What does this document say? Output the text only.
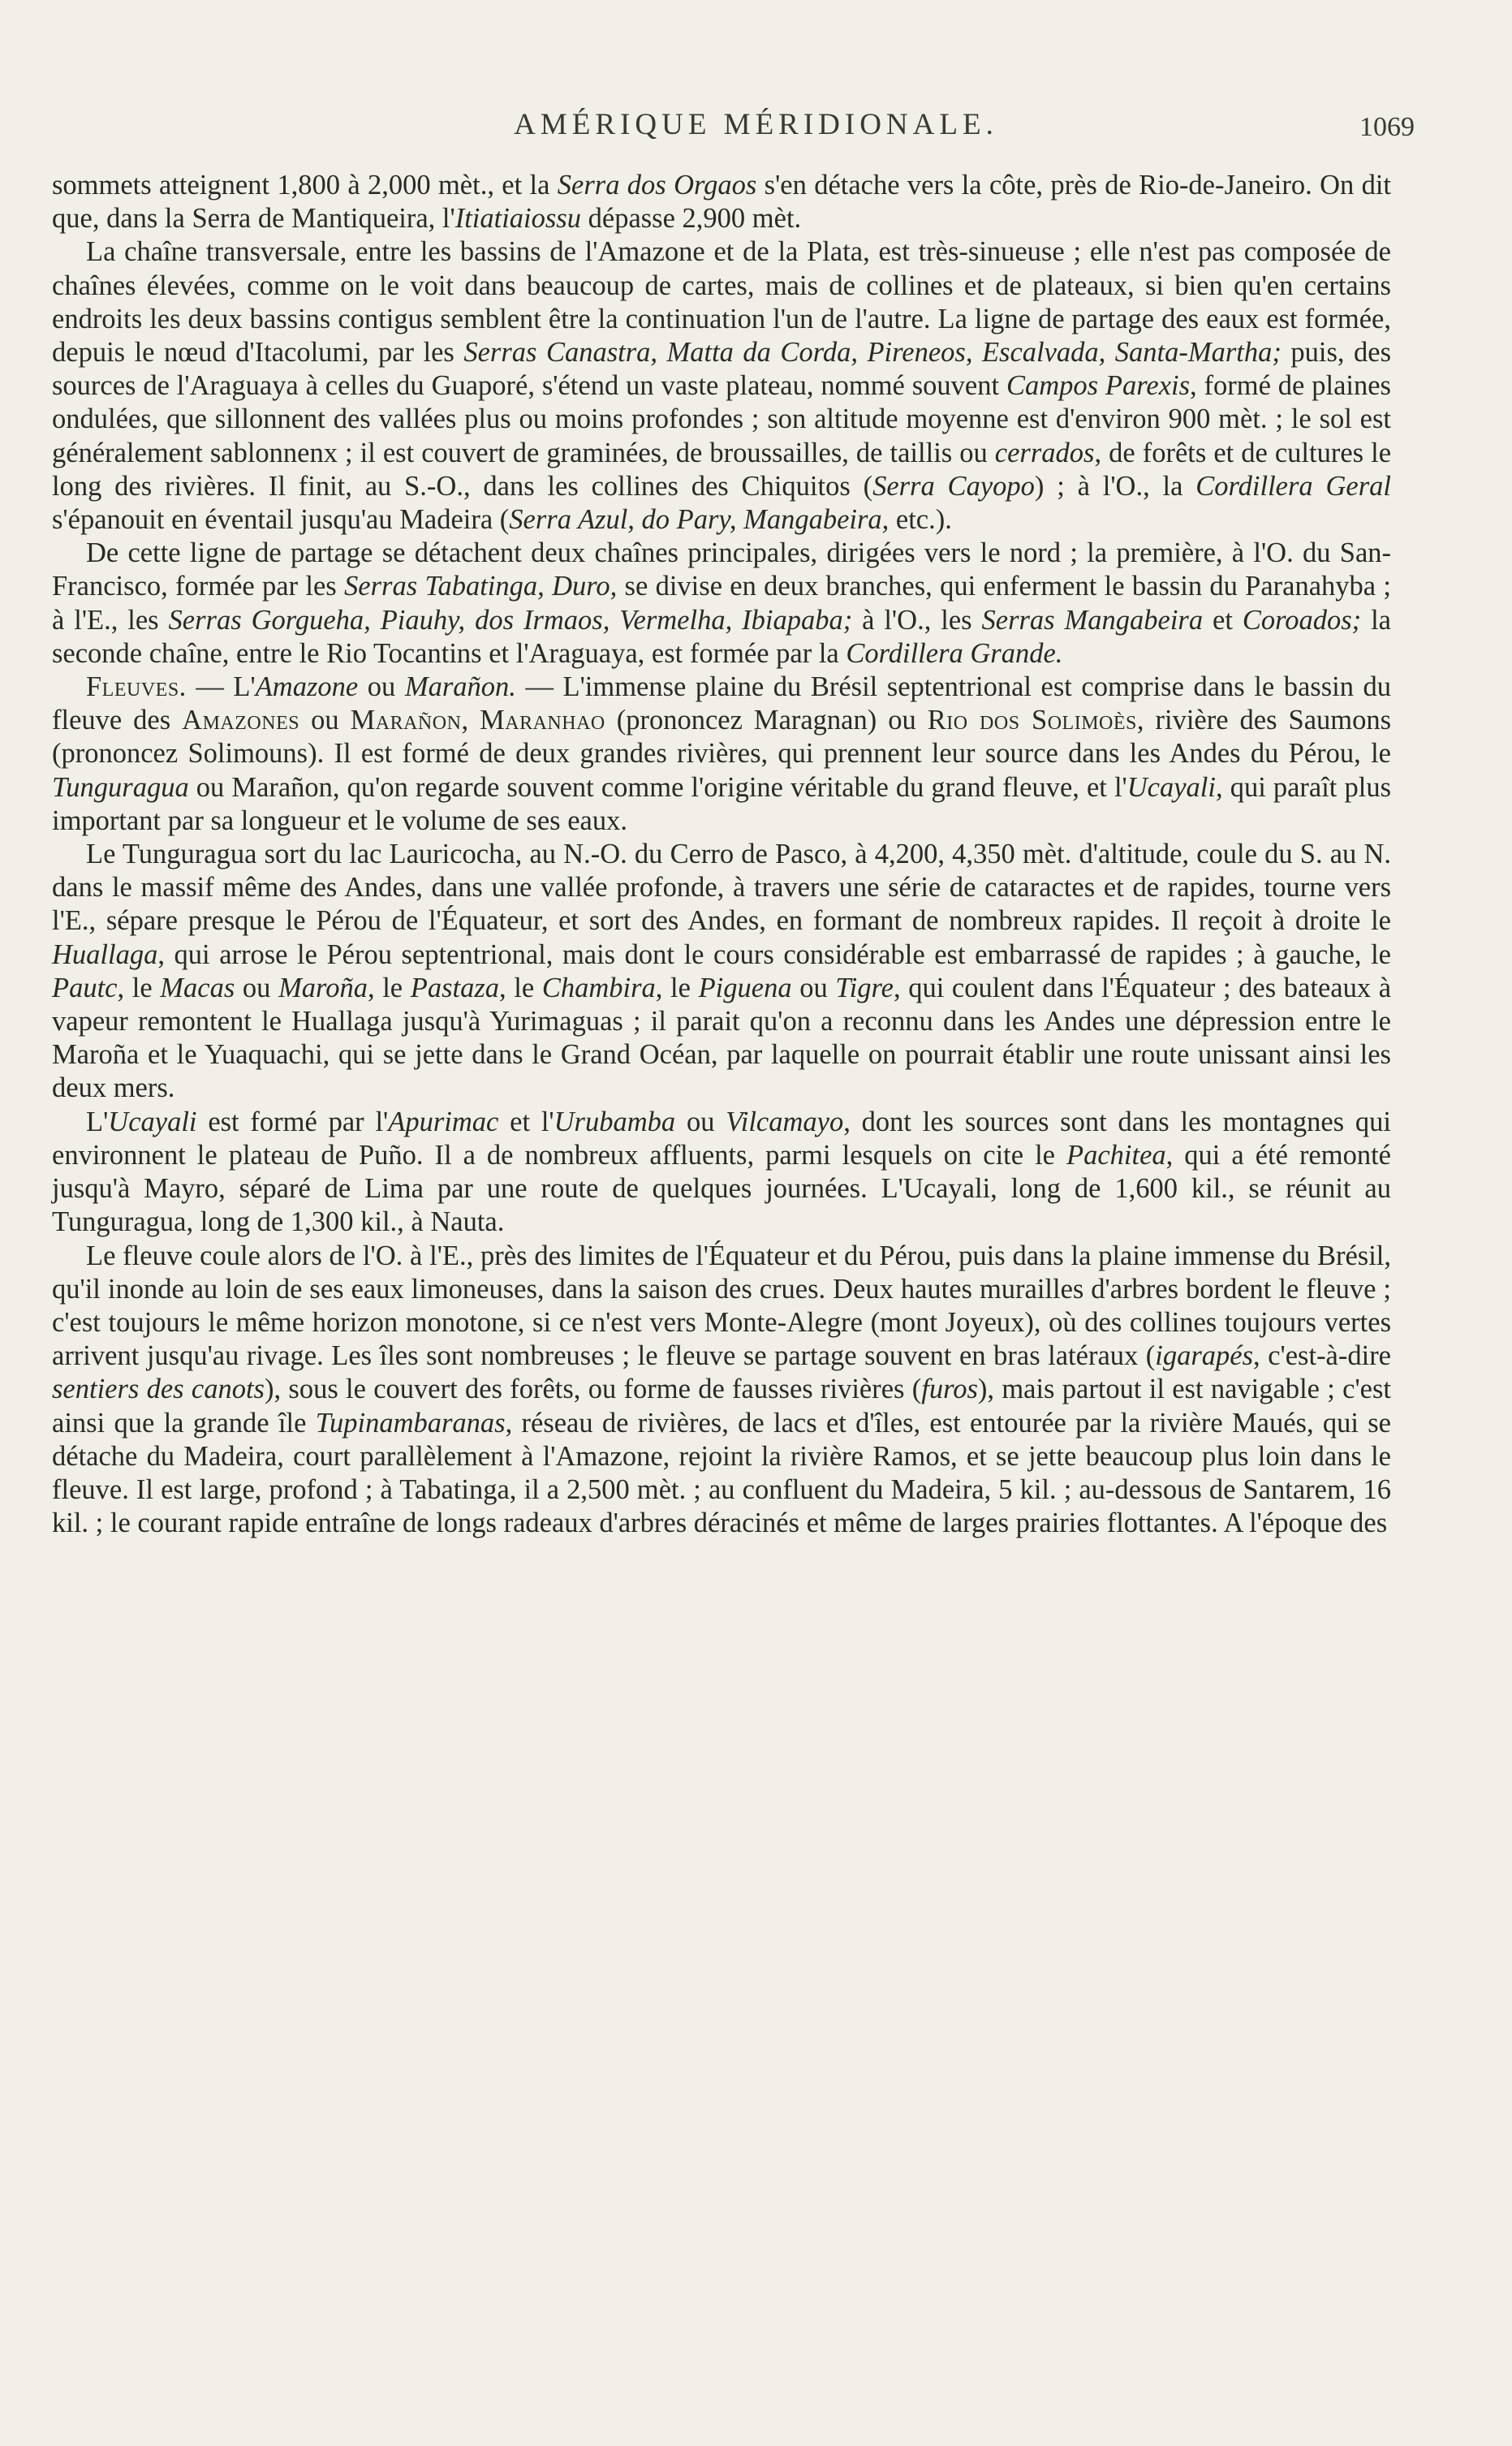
AMÉRIQUE MÉRIDIONALE.	1069

sommets atteignent 1,800 à 2,000 mèt., et la Serra dos Orgaos s'en détache vers la côte, près de Rio-de-Janeiro. On dit que, dans la Serra de Mantiqueira, l'Itiatiaiossu dépasse 2,900 mèt.

La chaîne transversale, entre les bassins de l'Amazone et de la Plata, est très-sinueuse ; elle n'est pas composée de chaînes élevées, comme on le voit dans beaucoup de cartes, mais de collines et de plateaux, si bien qu'en certains endroits les deux bassins contigus semblent être la continuation l'un de l'autre. La ligne de partage des eaux est formée, depuis le nœud d'Itacolumi, par les Serras Canastra, Matta da Corda, Pireneos, Escalvada, Santa-Martha; puis, des sources de l'Araguaya à celles du Guaporé, s'étend un vaste plateau, nommé souvent Campos Parexis, formé de plaines ondulées, que sillonnent des vallées plus ou moins profondes ; son altitude moyenne est d'environ 900 mèt. ; le sol est généralement sablonnenx ; il est couvert de graminées, de broussailles, de taillis ou cerrados, de forêts et de cultures le long des rivières. Il finit, au S.-O., dans les collines des Chiquitos (Serra Cayopo) ; à l'O., la Cordillera Geral s'épanouit en éventail jusqu'au Madeira (Serra Azul, do Pary, Mangabeira, etc.).

De cette ligne de partage se détachent deux chaînes principales, dirigées vers le nord ; la première, à l'O. du San-Francisco, formée par les Serras Tabatinga, Duro, se divise en deux branches, qui enferment le bassin du Paranahyba ; à l'E., les Serras Gorgueha, Piauhy, dos Irmaos, Vermelha, Ibiapaba; à l'O., les Serras Mangabeira et Coroados; la seconde chaîne, entre le Rio Tocantins et l'Araguaya, est formée par la Cordillera Grande.

Fleuves. — L'Amazone ou Marañon. — L'immense plaine du Brésil septentrional est comprise dans le bassin du fleuve des Amazones ou Marañon, Maranhao (prononcez Maragnan) ou Rio dos Solimoès, rivière des Saumons (prononcez Solimouns). Il est formé de deux grandes rivières, qui prennent leur source dans les Andes du Pérou, le Tunguragua ou Marañon, qu'on regarde souvent comme l'origine véritable du grand fleuve, et l'Ucayali, qui paraît plus important par sa longueur et le volume de ses eaux.

Le Tunguragua sort du lac Lauricocha, au N.-O. du Cerro de Pasco, à 4,200, 4,350 mèt. d'altitude, coule du S. au N. dans le massif même des Andes, dans une vallée profonde, à travers une série de cataractes et de rapides, tourne vers l'E., sépare presque le Pérou de l'Équateur, et sort des Andes, en formant de nombreux rapides. Il reçoit à droite le Huallaga, qui arrose le Pérou septentrional, mais dont le cours considérable est embarrassé de rapides ; à gauche, le Pautc, le Macas ou Maroña, le Pastaza, le Chambira, le Piguena ou Tigre, qui coulent dans l'Équateur ; des bateaux à vapeur remontent le Huallaga jusqu'à Yurimaguas ; il parait qu'on a reconnu dans les Andes une dépression entre le Maroña et le Yuaquachi, qui se jette dans le Grand Océan, par laquelle on pourrait établir une route unissant ainsi les deux mers.

L'Ucayali est formé par l'Apurimac et l'Urubamba ou Vilcamayo, dont les sources sont dans les montagnes qui environnent le plateau de Puño. Il a de nombreux affluents, parmi lesquels on cite le Pachitea, qui a été remonté jusqu'à Mayro, séparé de Lima par une route de quelques journées. L'Ucayali, long de 1,600 kil., se réunit au Tunguragua, long de 1,300 kil., à Nauta.

Le fleuve coule alors de l'O. à l'E., près des limites de l'Équateur et du Pérou, puis dans la plaine immense du Brésil, qu'il inonde au loin de ses eaux limoneuses, dans la saison des crues. Deux hautes murailles d'arbres bordent le fleuve ; c'est toujours le même horizon monotone, si ce n'est vers Monte-Alegre (mont Joyeux), où des collines toujours vertes arrivent jusqu'au rivage. Les îles sont nombreuses ; le fleuve se partage souvent en bras latéraux (igarapés, c'est-à-dire sentiers des canots), sous le couvert des forêts, ou forme de fausses rivières (furos), mais partout il est navigable ; c'est ainsi que la grande île Tupinambaranas, réseau de rivières, de lacs et d'îles, est entourée par la rivière Maués, qui se détache du Madeira, court parallèlement à l'Amazone, rejoint la rivière Ramos, et se jette beaucoup plus loin dans le fleuve. Il est large, profond ; à Tabatinga, il a 2,500 mèt. ; au confluent du Madeira, 5 kil. ; au-dessous de Santarem, 16 kil. ; le courant rapide entraîne de longs radeaux d'arbres déracinés et même de larges prairies flottantes. A l'époque des
